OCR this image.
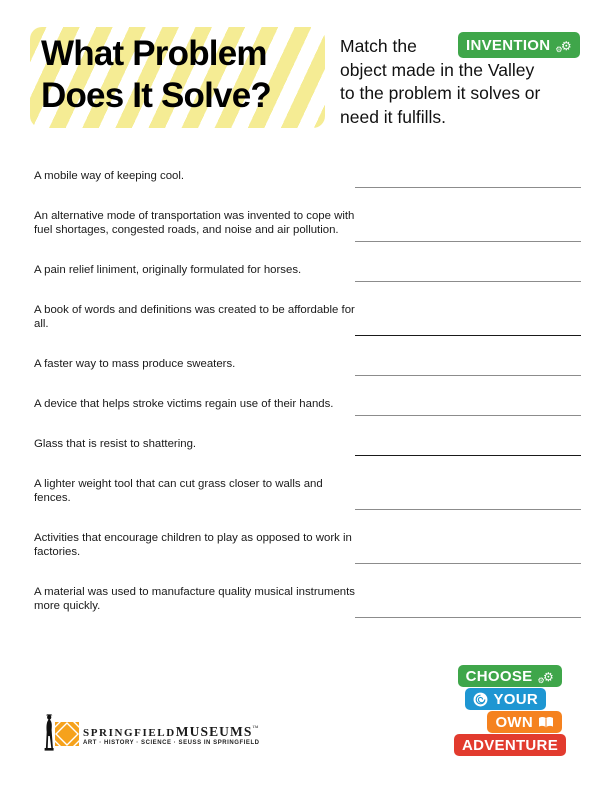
What Problem
Does It Solve?
Match the
object made in the Valley
to the problem it solves or
need it fulfills.
INVENTION ⚙⚙
A mobile way of keeping cool.
An alternative mode of transportation was invented to cope with fuel shortages, congested roads, and noise and air pollution.
A pain relief liniment, originally formulated for horses.
A book of words and definitions was created to be affordable for all.
A faster way to mass produce sweaters.
A device that helps stroke victims regain use of their hands.
Glass that is resist to shattering.
A lighter weight tool that can cut grass closer to walls and fences.
Activities that encourage children to play as opposed to work in factories.
A material was used to manufacture quality musical instruments more quickly.
SPRINGFIELDMUSEUMS™
ART · HISTORY · SCIENCE · SEUSS IN SPRINGFIELD
CHOOSE ⚙⚙
YOUR
OWN
ADVENTURE
